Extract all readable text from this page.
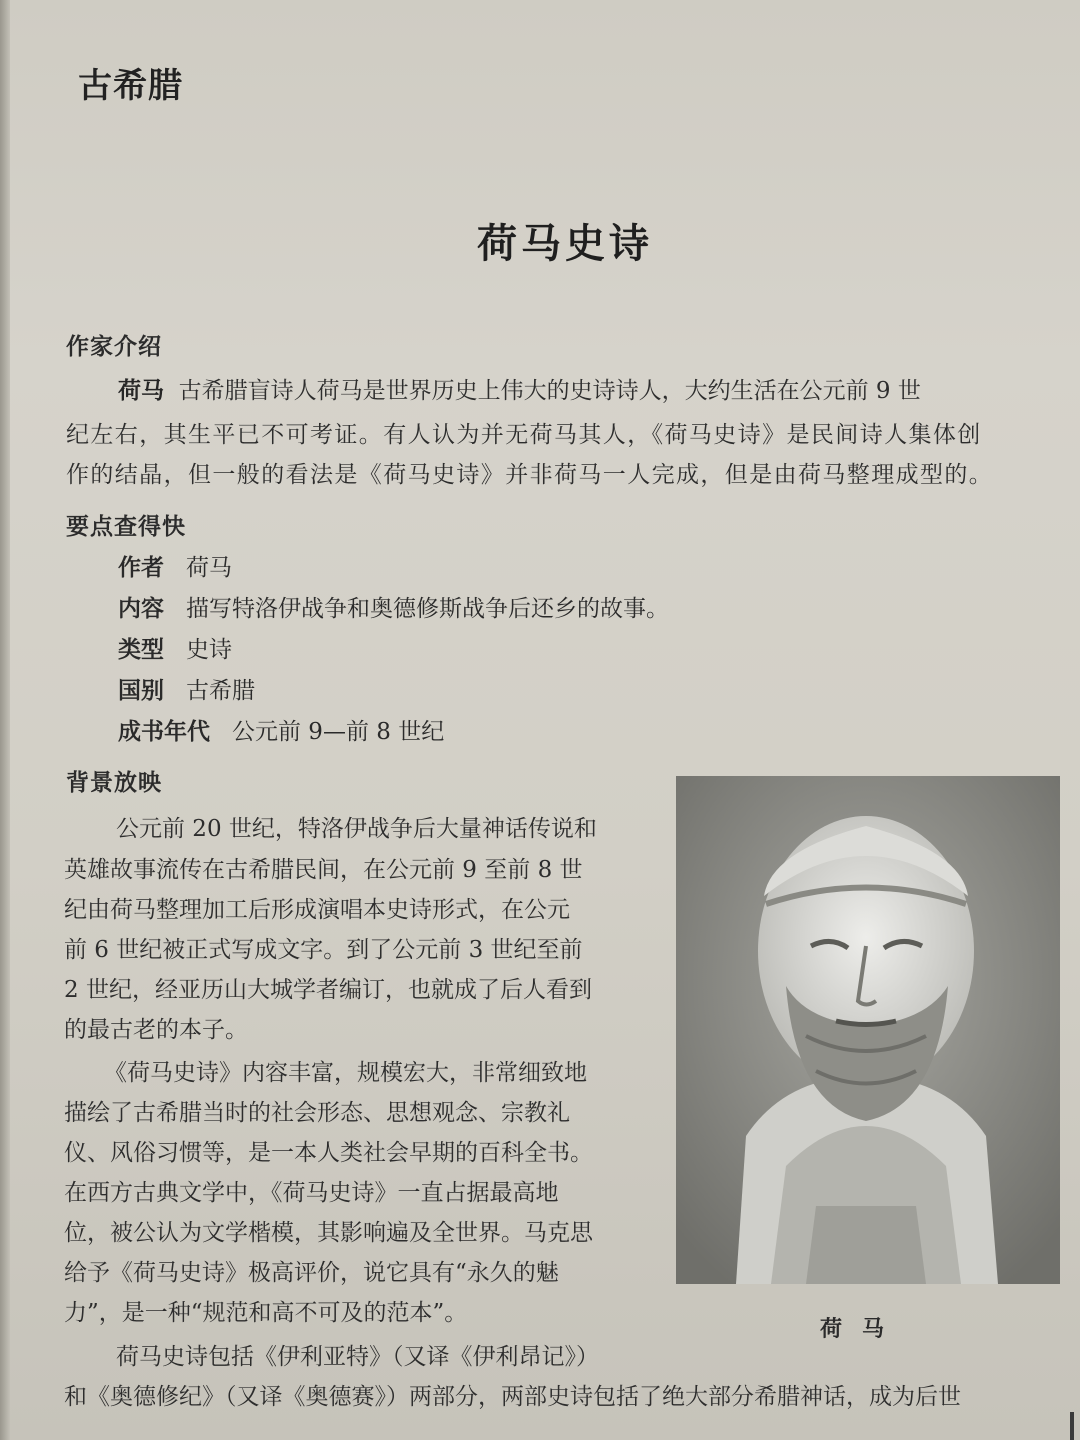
古希腊
荷马史诗
作家介绍
荷马 古希腊盲诗人荷马是世界历史上伟大的史诗诗人，大约生活在公元前 9 世
纪左右，其生平已不可考证。有人认为并无荷马其人，《荷马史诗》是民间诗人集体创
作的结晶，但一般的看法是《荷马史诗》并非荷马一人完成，但是由荷马整理成型的。
要点查得快
作者 荷马
内容 描写特洛伊战争和奥德修斯战争后还乡的故事。
类型 史诗
国别 古希腊
成书年代 公元前 9—前 8 世纪
背景放映
公元前 20 世纪，特洛伊战争后大量神话传说和
英雄故事流传在古希腊民间，在公元前 9 至前 8 世
纪由荷马整理加工后形成演唱本史诗形式，在公元
前 6 世纪被正式写成文字。到了公元前 3 世纪至前
2 世纪，经亚历山大城学者编订，也就成了后人看到
的最古老的本子。
《荷马史诗》内容丰富，规模宏大，非常细致地
描绘了古希腊当时的社会形态、思想观念、宗教礼
仪、风俗习惯等，是一本人类社会早期的百科全书。
在西方古典文学中，《荷马史诗》一直占据最高地
位，被公认为文学楷模，其影响遍及全世界。马克思
给予《荷马史诗》极高评价，说它具有“永久的魅
力”，是一种“规范和高不可及的范本”。
荷马史诗包括《伊利亚特》（又译《伊利昂记》）
和《奥德修纪》（又译《奥德赛》）两部分，两部史诗包括了绝大部分希腊神话，成为后世
荷马
